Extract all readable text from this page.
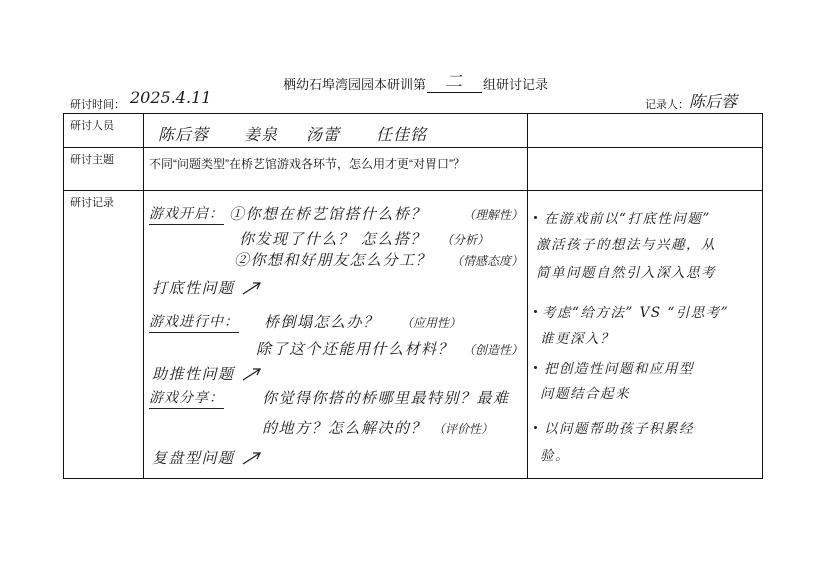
栖幼石埠湾园园本研训第 二 组研讨记录
研讨时间： 2025.4.11	记录人： 陈后蓉
研讨人员	陈后蓉 姜泉 汤蕾 任佳铭
研讨主题	不同“问题类型”在桥艺馆游戏各环节，怎么用才更“对胃口”？
研讨记录
游戏开启： ①你想在桥艺馆搭什么桥？	（理解性）
你发现了什么？ 怎么搭？ （分析）
②你想和好朋友怎么分工？ （情感态度）
打底性问题
游戏进行中： 桥倒塌怎么办？ （应用性）
除了这个还能用什么材料？ （创造性）
助推性问题
游戏分享：	你觉得你搭的桥哪里最特别？最难
的地方？怎么解决的？ （评价性）
复盘型问题
在游戏前以“打底性问题”
激活孩子的想法与兴趣，从
简单问题自然引入深入思考
考虑“给方法” VS “引思考”
谁更深入？
把创造性问题和应用型
问题结合起来
以问题帮助孩子积累经
验。
